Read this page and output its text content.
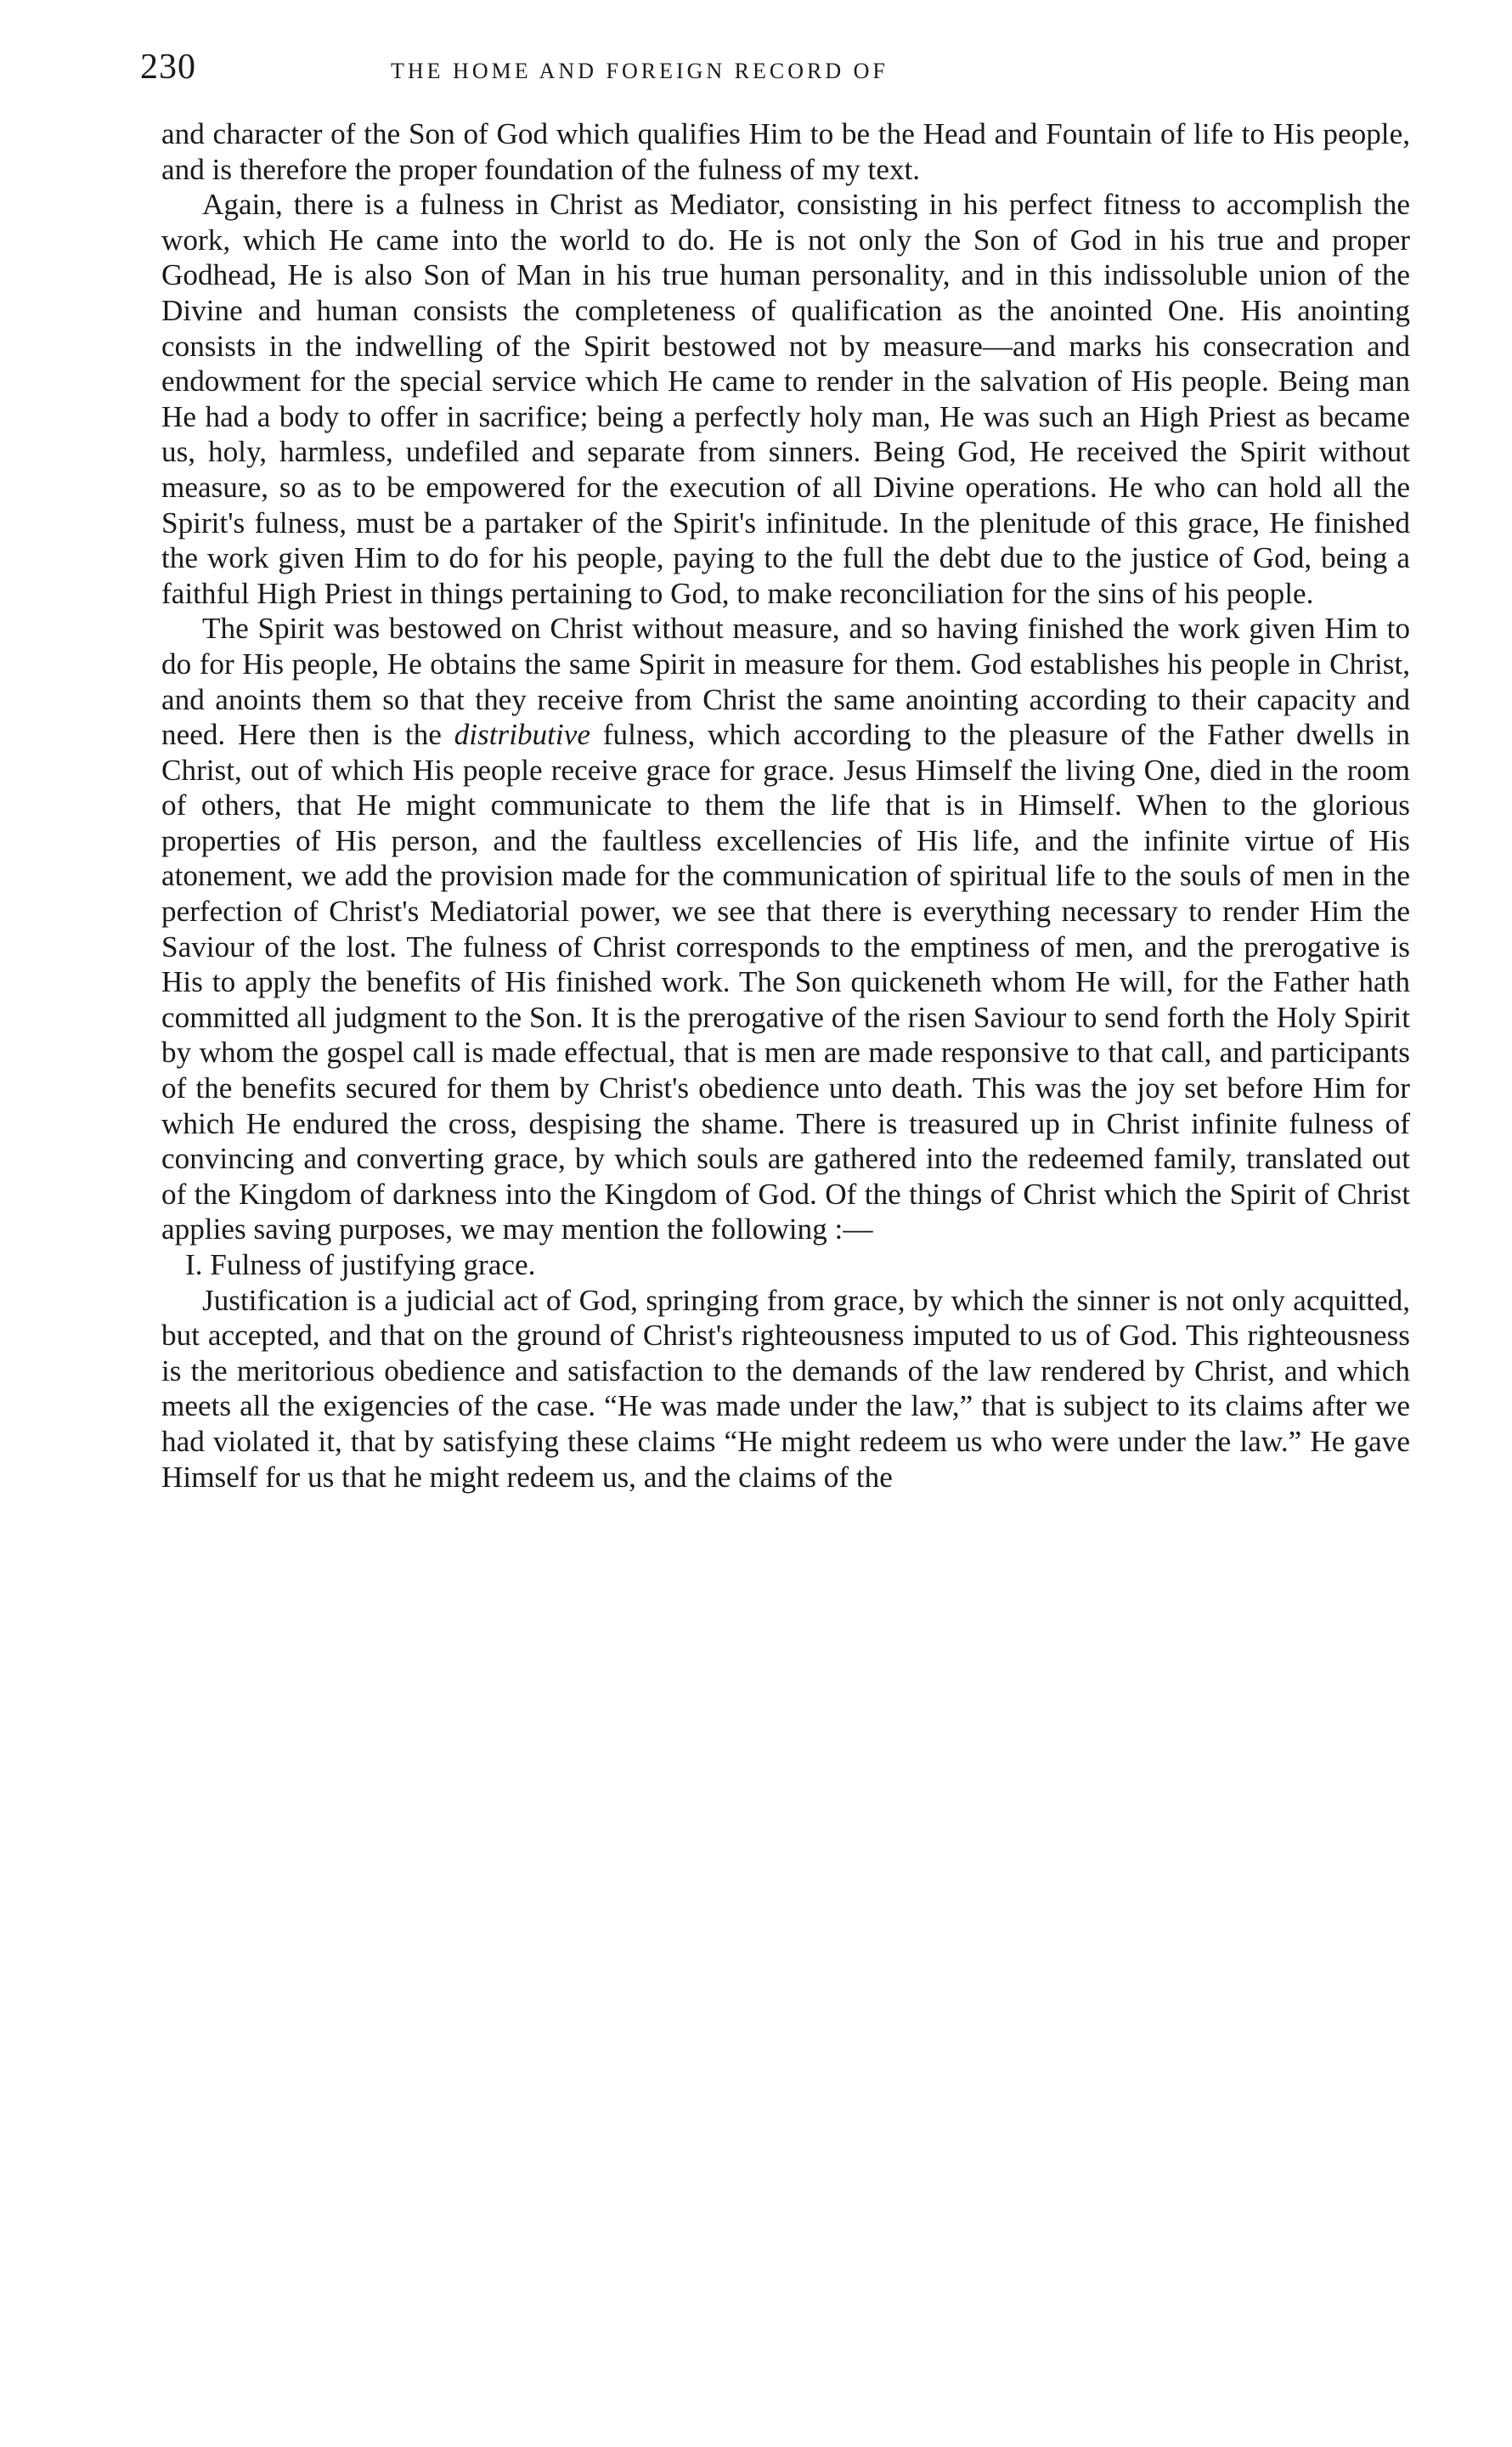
230	THE HOME AND FOREIGN RECORD OF

and character of the Son of God which qualifies Him to be the Head and Fountain of life to His people, and is therefore the proper foundation of the fulness of my text.

Again, there is a fulness in Christ as Mediator, consisting in his perfect fitness to accomplish the work, which He came into the world to do. He is not only the Son of God in his true and proper Godhead, He is also Son of Man in his true human personality, and in this indissoluble union of the Divine and human consists the completeness of qualification as the anointed One. His anointing consists in the indwelling of the Spirit bestowed not by measure—and marks his consecration and endowment for the special service which He came to render in the salvation of His people. Being man He had a body to offer in sacrifice; being a perfectly holy man, He was such an High Priest as became us, holy, harmless, undefiled and separate from sinners. Being God, He received the Spirit without measure, so as to be empowered for the execution of all Divine operations. He who can hold all the Spirit's fulness, must be a partaker of the Spirit's infinitude. In the plenitude of this grace, He finished the work given Him to do for his people, paying to the full the debt due to the justice of God, being a faithful High Priest in things pertaining to God, to make reconciliation for the sins of his people.

The Spirit was bestowed on Christ without measure, and so having finished the work given Him to do for His people, He obtains the same Spirit in measure for them. God establishes his people in Christ, and anoints them so that they receive from Christ the same anointing according to their capacity and need. Here then is the distributive fulness, which according to the pleasure of the Father dwells in Christ, out of which His people receive grace for grace. Jesus Himself the living One, died in the room of others, that He might communicate to them the life that is in Himself. When to the glorious properties of His person, and the faultless excellencies of His life, and the infinite virtue of His atonement, we add the provision made for the communication of spiritual life to the souls of men in the perfection of Christ's Mediatorial power, we see that there is everything necessary to render Him the Saviour of the lost. The fulness of Christ corresponds to the emptiness of men, and the prerogative is His to apply the benefits of His finished work. The Son quickeneth whom He will, for the Father hath committed all judgment to the Son. It is the prerogative of the risen Saviour to send forth the Holy Spirit by whom the gospel call is made effectual, that is men are made responsive to that call, and participants of the benefits secured for them by Christ's obedience unto death. This was the joy set before Him for which He endured the cross, despising the shame. There is treasured up in Christ infinite fulness of convincing and converting grace, by which souls are gathered into the redeemed family, translated out of the Kingdom of darkness into the Kingdom of God. Of the things of Christ which the Spirit of Christ applies saving purposes, we may mention the following :—

I. Fulness of justifying grace.

Justification is a judicial act of God, springing from grace, by which the sinner is not only acquitted, but accepted, and that on the ground of Christ's righteousness imputed to us of God. This righteousness is the meritorious obedience and satisfaction to the demands of the law rendered by Christ, and which meets all the exigencies of the case. “He was made under the law,” that is subject to its claims after we had violated it, that by satisfying these claims “He might redeem us who were under the law.” He gave Himself for us that he might redeem us, and the claims of the
